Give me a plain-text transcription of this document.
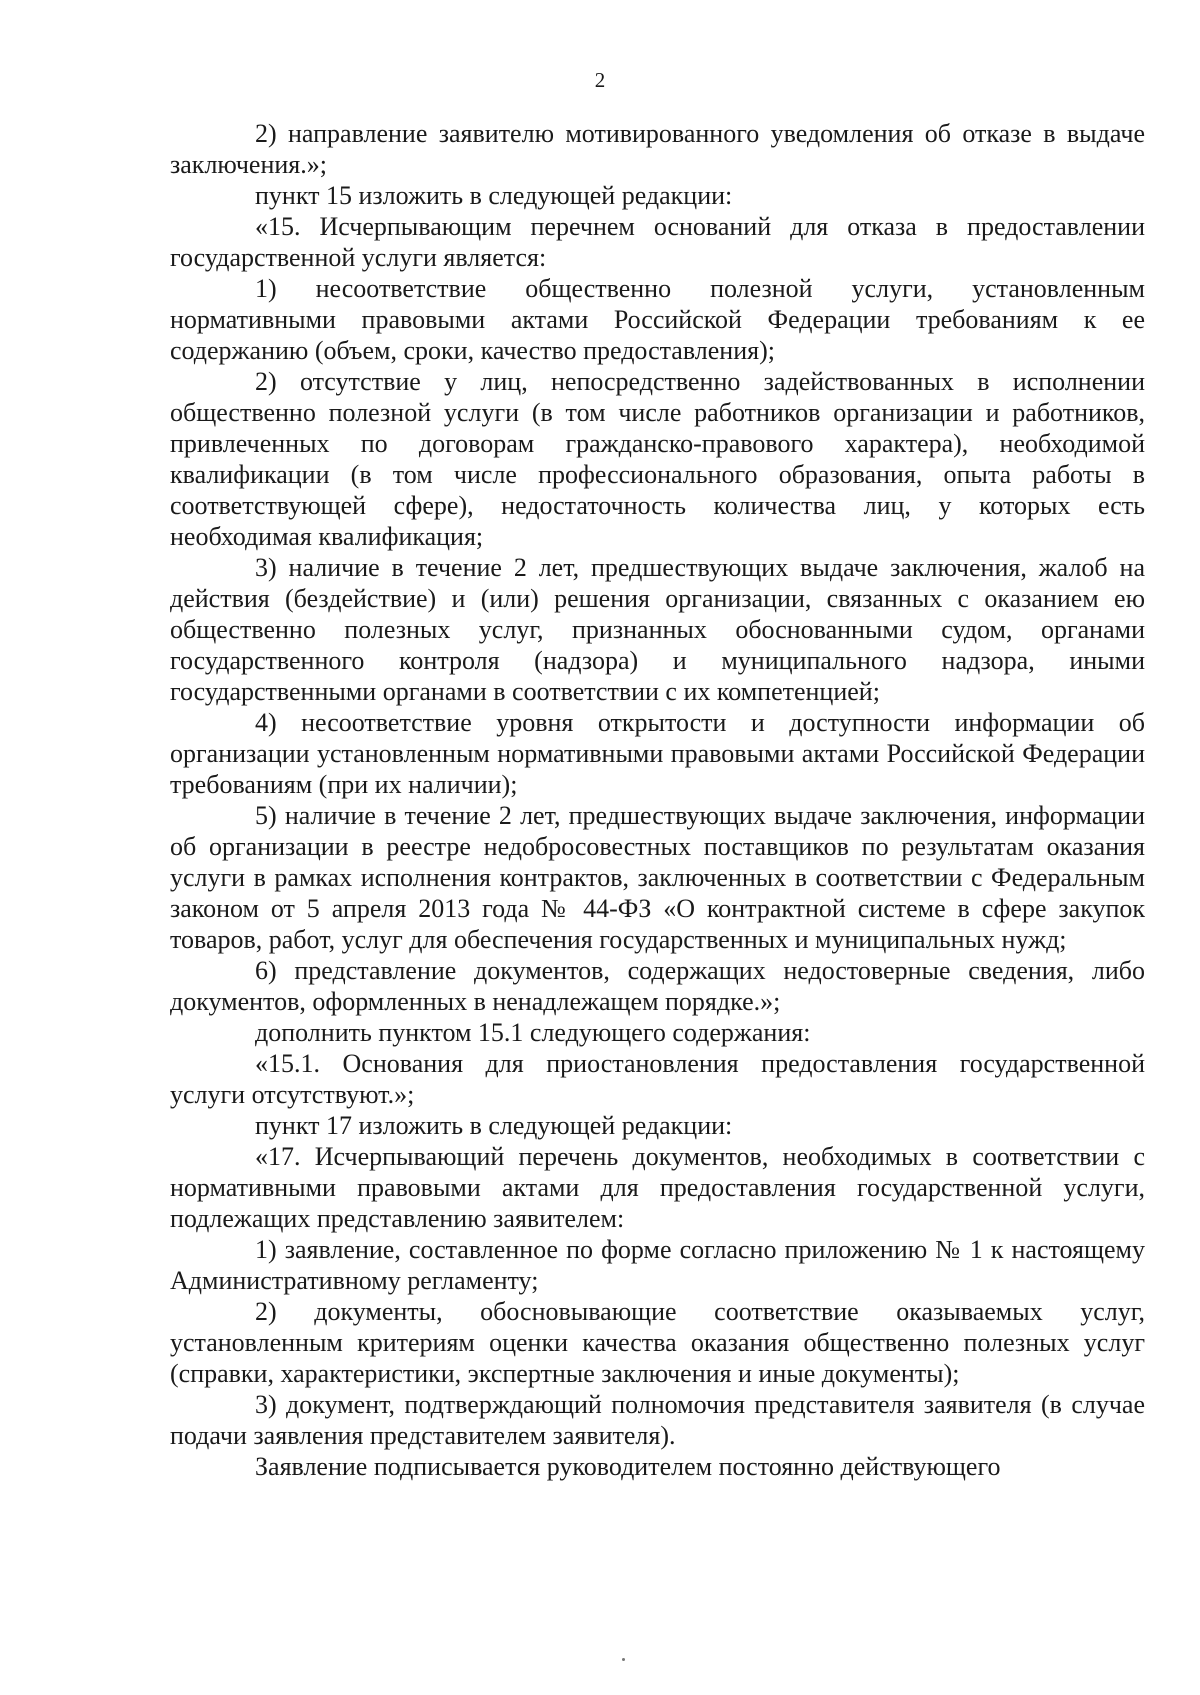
2

2) направление заявителю мотивированного уведомления об отказе в выдаче заключения.»;

пункт 15 изложить в следующей редакции:

«15. Исчерпывающим перечнем оснований для отказа в предоставлении государственной услуги является:

1) несоответствие общественно полезной услуги, установленным нормативными правовыми актами Российской Федерации требованиям к ее содержанию (объем, сроки, качество предоставления);

2) отсутствие у лиц, непосредственно задействованных в исполнении общественно полезной услуги (в том числе работников организации и работников, привлеченных по договорам гражданско-правового характера), необходимой квалификации (в том числе профессионального образования, опыта работы в соответствующей сфере), недостаточность количества лиц, у которых есть необходимая квалификация;

3) наличие в течение 2 лет, предшествующих выдаче заключения, жалоб на действия (бездействие) и (или) решения организации, связанных с оказанием ею общественно полезных услуг, признанных обоснованными судом, органами государственного контроля (надзора) и муниципального надзора, иными государственными органами в соответствии с их компетенцией;

4) несоответствие уровня открытости и доступности информации об организации установленным нормативными правовыми актами Российской Федерации требованиям (при их наличии);

5) наличие в течение 2 лет, предшествующих выдаче заключения, информации об организации в реестре недобросовестных поставщиков по результатам оказания услуги в рамках исполнения контрактов, заключенных в соответствии с Федеральным законом от 5 апреля 2013 года № 44-ФЗ «О контрактной системе в сфере закупок товаров, работ, услуг для обеспечения государственных и муниципальных нужд;

6) представление документов, содержащих недостоверные сведения, либо документов, оформленных в ненадлежащем порядке.»;

дополнить пунктом 15.1 следующего содержания:

«15.1. Основания для приостановления предоставления государственной услуги отсутствуют.»;

пункт 17 изложить в следующей редакции:

«17. Исчерпывающий перечень документов, необходимых в соответствии с нормативными правовыми актами для предоставления государственной услуги, подлежащих представлению заявителем:

1) заявление, составленное по форме согласно приложению № 1 к настоящему Административному регламенту;

2) документы, обосновывающие соответствие оказываемых услуг, установленным критериям оценки качества оказания общественно полезных услуг (справки, характеристики, экспертные заключения и иные документы);

3) документ, подтверждающий полномочия представителя заявителя (в случае подачи заявления представителем заявителя).

Заявление подписывается руководителем постоянно действующего
